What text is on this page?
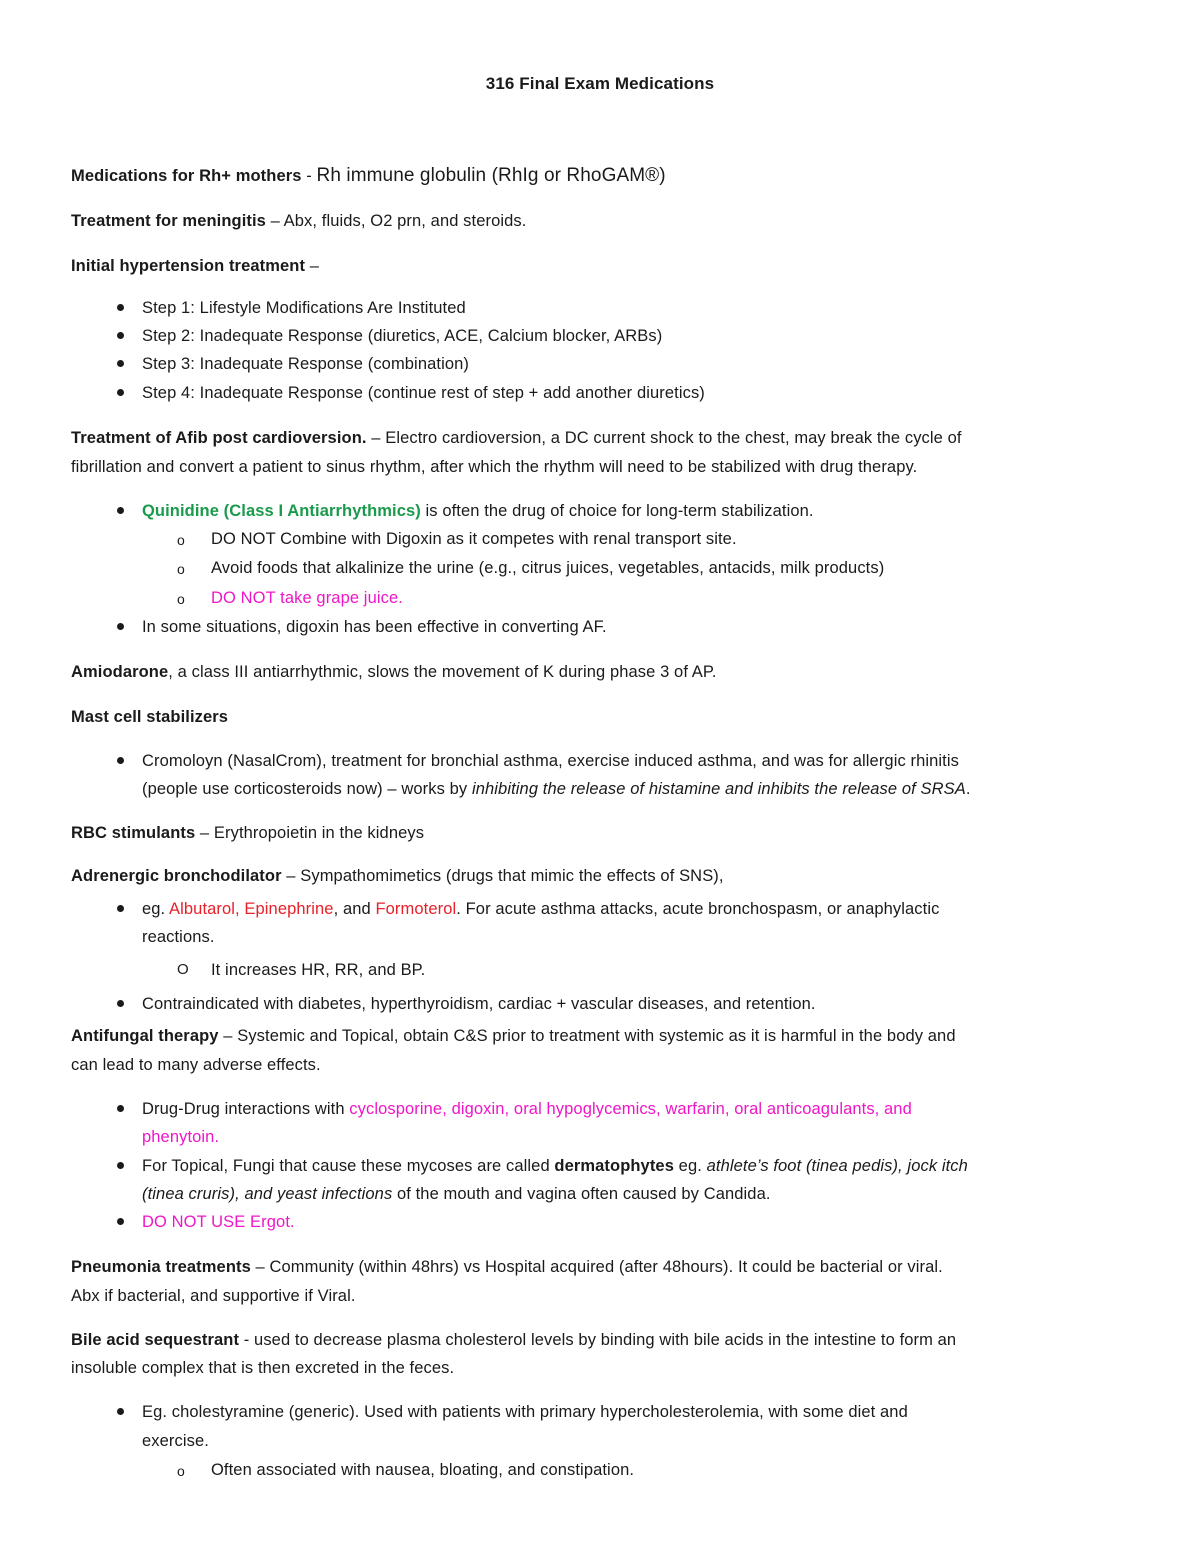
316 Final Exam Medications
Medications for Rh+ mothers - Rh immune globulin (RhIg or RhoGAM®)
Treatment for meningitis – Abx, fluids, O2 prn, and steroids.
Initial hypertension treatment –
Step 1: Lifestyle Modifications Are Instituted
Step 2: Inadequate Response (diuretics, ACE, Calcium blocker, ARBs)
Step 3: Inadequate Response (combination)
Step 4: Inadequate Response (continue rest of step + add another diuretics)
Treatment of Afib post cardioversion. – Electro cardioversion, a DC current shock to the chest, may break the cycle of
fibrillation and convert a patient to sinus rhythm, after which the rhythm will need to be stabilized with drug therapy.
Quinidine (Class I Antiarrhythmics) is often the drug of choice for long-term stabilization.
o DO NOT Combine with Digoxin as it competes with renal transport site.
o Avoid foods that alkalinize the urine (e.g., citrus juices, vegetables, antacids, milk products)
o DO NOT take grape juice.
In some situations, digoxin has been effective in converting AF.
Amiodarone, a class III antiarrhythmic, slows the movement of K during phase 3 of AP.
Mast cell stabilizers
Cromoloyn (NasalCrom), treatment for bronchial asthma, exercise induced asthma, and was for allergic rhinitis
(people use corticosteroids now) – works by inhibiting the release of histamine and inhibits the release of SRSA.
RBC stimulants – Erythropoietin in the kidneys
Adrenergic bronchodilator – Sympathomimetics (drugs that mimic the effects of SNS),
eg. Albutarol, Epinephrine, and Formoterol. For acute asthma attacks, acute bronchospasm, or anaphylactic
reactions.
O It increases HR, RR, and BP.
Contraindicated with diabetes, hyperthyroidism, cardiac + vascular diseases, and retention.
Antifungal therapy – Systemic and Topical, obtain C&S prior to treatment with systemic as it is harmful in the body and
can lead to many adverse effects.
Drug-Drug interactions with cyclosporine, digoxin, oral hypoglycemics, warfarin, oral anticoagulants, and
phenytoin.
For Topical, Fungi that cause these mycoses are called dermatophytes eg. athlete’s foot (tinea pedis), jock itch
(tinea cruris), and yeast infections of the mouth and vagina often caused by Candida.
DO NOT USE Ergot.
Pneumonia treatments – Community (within 48hrs) vs Hospital acquired (after 48hours). It could be bacterial or viral.
Abx if bacterial, and supportive if Viral.
Bile acid sequestrant - used to decrease plasma cholesterol levels by binding with bile acids in the intestine to form an
insoluble complex that is then excreted in the feces.
Eg. cholestyramine (generic). Used with patients with primary hypercholesterolemia, with some diet and
exercise.
o Often associated with nausea, bloating, and constipation.
